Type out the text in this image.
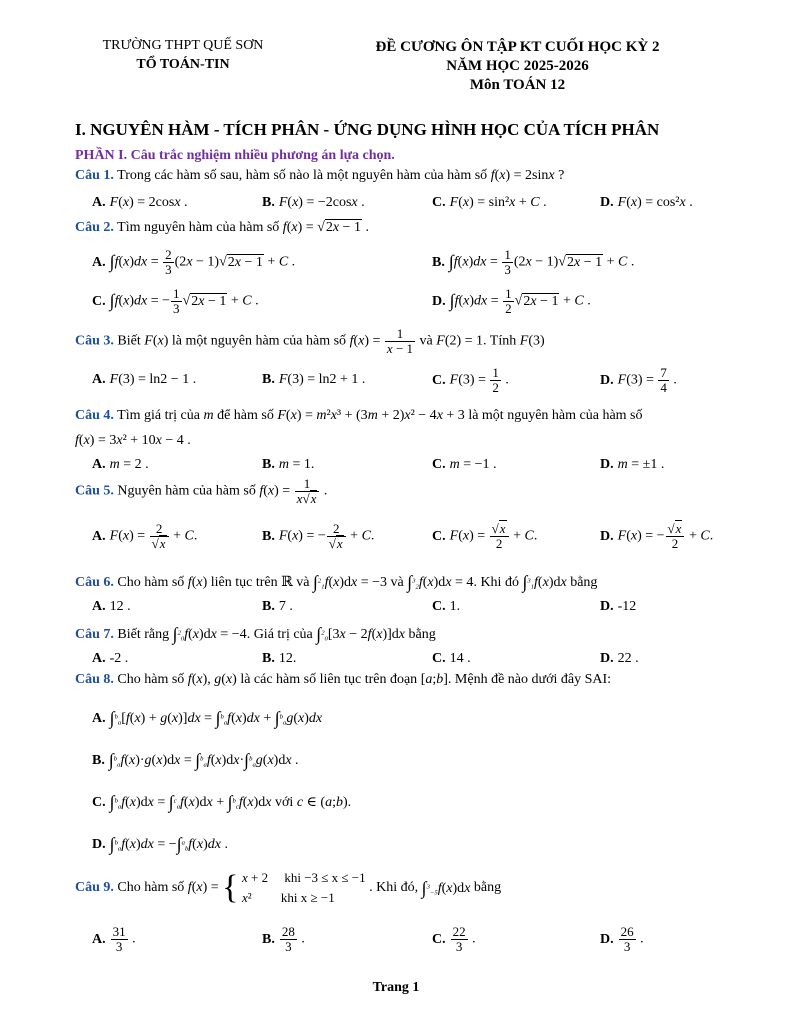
TRƯỜNG THPT QUẾ SƠN
TỔ TOÁN-TIN
ĐỀ CƯƠNG ÔN TẬP KT CUỐI HỌC KỲ 2
NĂM HỌC 2025-2026
Môn TOÁN 12
I. NGUYÊN HÀM - TÍCH PHÂN - ỨNG DỤNG HÌNH HỌC CỦA TÍCH PHÂN
PHẦN I. Câu trắc nghiệm nhiều phương án lựa chọn.
Câu 1. Trong các hàm số sau, hàm số nào là một nguyên hàm của hàm số f(x) = 2sinx ?
A. F(x) = 2cosx .	B. F(x) = −2cosx .	C. F(x) = sin²x + C .	D. F(x) = cos²x .
Câu 2. Tìm nguyên hàm của hàm số f(x) = √2x − 1 .
A. $\int f(x)dx = \frac{2}{3} (2x - 1)√2x - 1 + C$ .	B. $\int f(x)dx = \frac{1}{3} (2x - 1)√2x - 1 + C$ .
C. ∫f(x)dx = − $\frac{1}{3} √2x - 1 + C$ .	D. $\int f(x)dx = \frac{1}{2} √2x - 1 + C$ .
Câu 3. Biết F(x) là một nguyên hàm của hàm số $f(x) = \frac{1}{x - 1}$ và F(2) = 1. Tính F(3)
A. F(3) = ln2 − 1 .	B. F(3) = ln2 + 1 .	C. $F(3) = \frac{1}{2}$ .	D. $F(3) = \frac{7}{4}$ .
Câu 4. Tìm giá trị của m để hàm số F(x) = m²x³ + (3m + 2)x² − 4x + 3 là một nguyên hàm của hàm số
f(x) = 3x² + 10x − 4 .
A. m = 2 .	B. m = 1.	C. m = −1 .	D. m = ±1 .
Câu 5. Nguyên hàm của hàm số $f(x) = \frac{1}{x√x}$ .
A. $F(x) = \frac{2}{√x} + C$.	B. F(x) = − $\frac{2}{√x} + C$.	C. $F(x) = \frac{√x}{2} + C$.	D. F(x) = − $\frac{√x}{2} + C$.
Câu 6. Cho hàm số f(x) liên tục trên ℝ và ∫$^2_1$f(x)dx = −3 và ∫$^3_2$f(x)dx = 4. Khi đó ∫$^3_1$f(x)dx bằng
A. 12 .	B. 7 .	C. 1.	D. -12
Câu 7. Biết rằng ∫$^2_0$f(x)dx = −4. Giá trị của ∫$^2_0$[3x − 2f(x)]dx bằng
A. -2 .	B. 12.	C. 14 .	D. 22 .
Câu 8. Cho hàm số f(x), g(x) là các hàm số liên tục trên đoạn [a;b]. Mệnh đề nào dưới đây SAI:
A. ∫$^b_a$[f(x) + g(x)]dx = ∫$^b_a$f(x)dx + ∫$^b_a$g(x)dx
B. ∫$^b_a$f(x)·g(x)dx = ∫$^b_a$f(x)dx·∫$^b_a$g(x)dx .
C. ∫$^b_a$f(x)dx = ∫$^c_a$f(x)dx + ∫$^b_c$f(x)dx với c ∈ (a;b).
D. ∫$^b_a$f(x)dx = −∫$^a_b$f(x)dx .
Câu 9. Cho hàm số f(x) = { x + 2     khi −3 ≤ x ≤ −1
x²         khi x ≥ −1
. Khi đó, ∫$^3_{-5}$f(x)dx bằng
A. $\frac{31}{3}$ .	B. $\frac{28}{3}$ .	C. $\frac{22}{3}$ .	D. $\frac{26}{3}$ .
Trang 1
